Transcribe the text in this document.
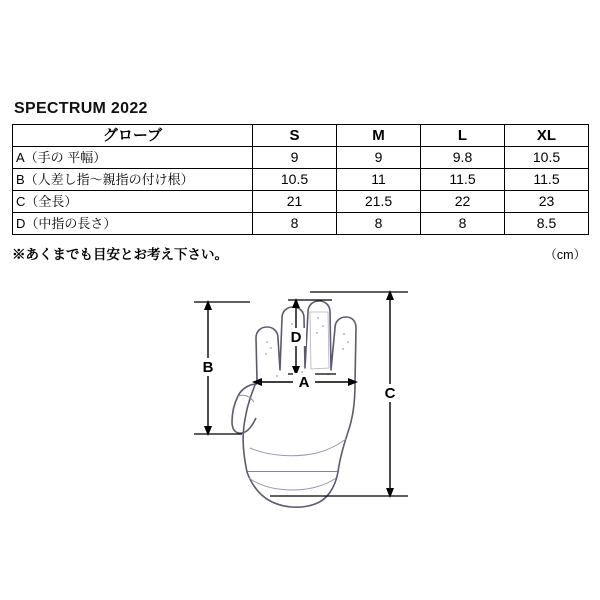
SPECTRUM 2022
グローブ	S	M	L	XL
A（手の 平幅）	9	9	9.8	10.5
B（人差し指～親指の付け根）	10.5	11	11.5	11.5
C（全長）	21	21.5	22	23
D（中指の長さ）	8	8	8	8.5
※あくまでも目安とお考え下さい。	（cm）
B
D
A
C
